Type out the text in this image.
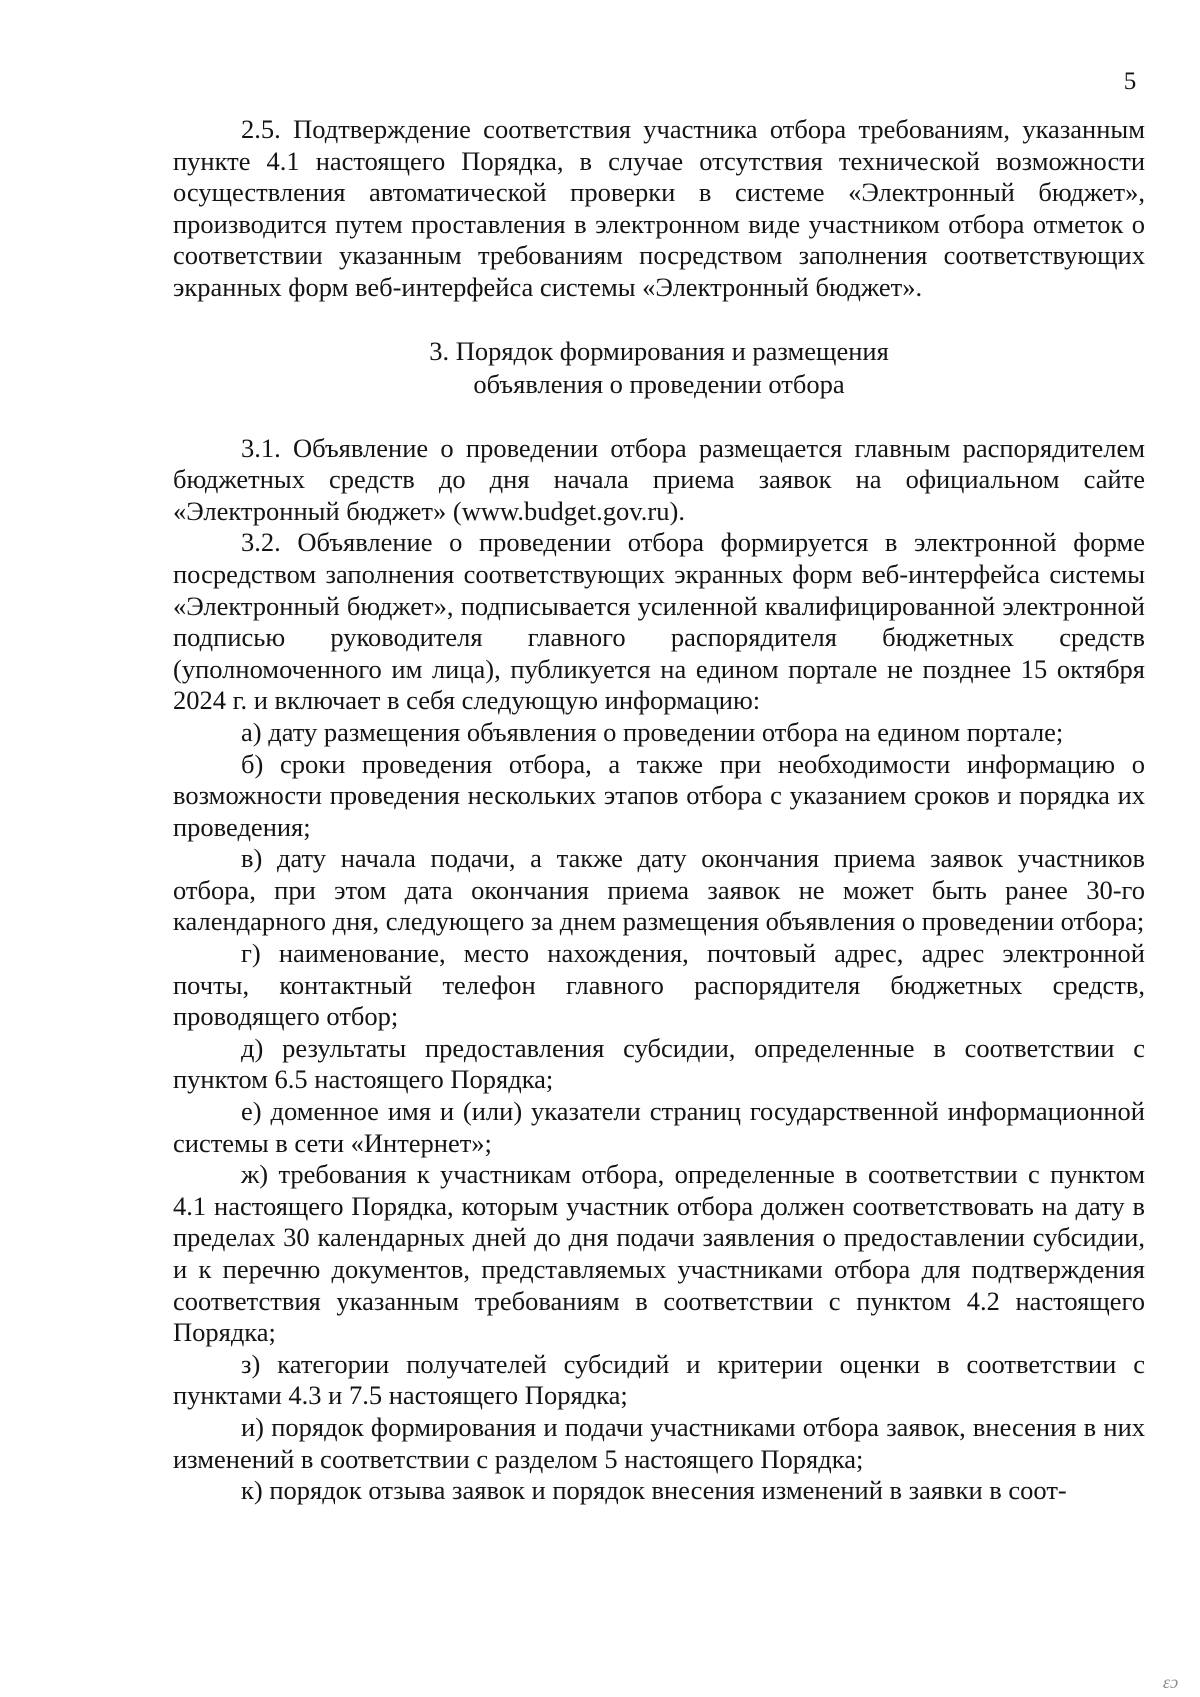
5

2.5. Подтверждение соответствия участника отбора требованиям, указанным пункте 4.1 настоящего Порядка, в случае отсутствия технической возможности осуществления автоматической проверки в системе «Электронный бюджет», производится путем проставления в электронном виде участником отбора отметок о соответствии указанным требованиям посредством заполнения соответствующих экранных форм веб-интерфейса системы «Электронный бюджет».

3. Порядок формирования и размещения
объявления о проведении отбора

3.1. Объявление о проведении отбора размещается главным распорядителем бюджетных средств до дня начала приема заявок на официальном сайте «Электронный бюджет» (www.budget.gov.ru).

3.2. Объявление о проведении отбора формируется в электронной форме посредством заполнения соответствующих экранных форм веб-интерфейса системы «Электронный бюджет», подписывается усиленной квалифицированной электронной подписью руководителя главного распорядителя бюджетных средств (уполномоченного им лица), публикуется на едином портале не позднее 15 октября 2024 г. и включает в себя следующую информацию:

а) дату размещения объявления о проведении отбора на едином портале;

б) сроки проведения отбора, а также при необходимости информацию о возможности проведения нескольких этапов отбора с указанием сроков и порядка их проведения;

в) дату начала подачи, а также дату окончания приема заявок участников отбора, при этом дата окончания приема заявок не может быть ранее 30-го календарного дня, следующего за днем размещения объявления о проведении отбора;

г) наименование, место нахождения, почтовый адрес, адрес электронной почты, контактный телефон главного распорядителя бюджетных средств, проводящего отбор;

д) результаты предоставления субсидии, определенные в соответствии с пунктом 6.5 настоящего Порядка;

е) доменное имя и (или) указатели страниц государственной информационной системы в сети «Интернет»;

ж) требования к участникам отбора, определенные в соответствии с пунктом 4.1 настоящего Порядка, которым участник отбора должен соответствовать на дату в пределах 30 календарных дней до дня подачи заявления о предоставлении субсидии, и к перечню документов, представляемых участниками отбора для подтверждения соответствия указанным требованиям в соответствии с пунктом 4.2 настоящего Порядка;

з) категории получателей субсидий и критерии оценки в соответствии с пунктами 4.3 и 7.5 настоящего Порядка;

и) порядок формирования и подачи участниками отбора заявок, внесения в них изменений в соответствии с разделом 5 настоящего Порядка;

к) порядок отзыва заявок и порядок внесения изменений в заявки в соот-

ɛɔ
